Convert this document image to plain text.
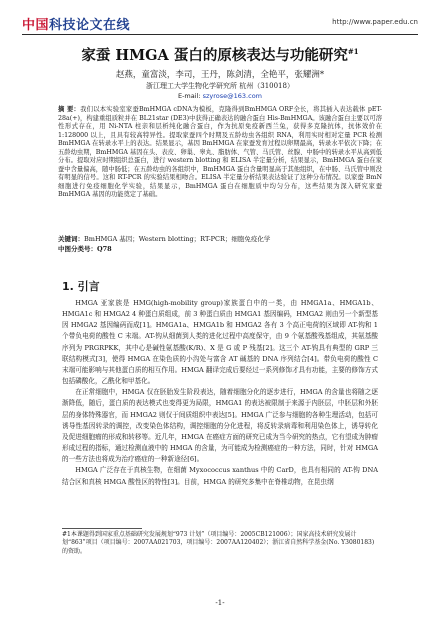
中国科技论文在线	http://www.paper.edu.cn
家蚕 HMGA 蛋白的原核表达与功能研究$^{\#1}$
赵燕，童富淡，李司，王丹，陈剑清，全艳平，张耀洲*
浙江理工大学生物化学研究所 杭州（310018）
E-mail: szyrose@163.com
摘 要：我们以本实验室家蚕BmHMGA cDNA为模板，克隆得到BmHMGA ORF全长，将其插入表达载体 pET-28a(+)，构建重组质粒并在 BL21star (DE3)中获得正确表达的融合蛋白 His-BmHMGA。该融合蛋白主要以可溶性形式存在，用 Ni-NTA 柱亲和层析纯化融合蛋白，作为抗原免疫新西兰兔，获得多克隆抗体，抗体效价在 1:128000 以上，且具有较高特异性。提取家蚕四个时期及五龄幼虫各组织 RNA，利用实时相对定量 PCR 检测 BmHMGA 在转录水平上的表达。结果显示，基因 BmHMGA 在家蚕发育过程以卵期最高，转录水平依次下降；在五龄幼虫期，BmHMGA 基因在头、表皮、卵巢、睾丸、脂肪体、气管、马氏管、丝腺、中肠中的转录水平从高到低分布。提取对应时期组织总蛋白，进行 western blotting 和 ELISA 半定量分析，结果显示，BmHMGA 蛋白在家蚕中含量偏高，随中肠低；在五龄幼虫的各组织中，BmHMGA 蛋白含量明显高于其他组织，在中肠、马氏管中则没有明显的信号。这和 RT-PCR 的实验结果相吻合。ELISA 半定量分析结果表达验证了这种分布情况。以家蚕 BmN 细胞进行免疫细胞化学实验，结果显示，BmHMGA 蛋白在细胞质中均匀分布，这些结果为深入研究家蚕 BmHMGA 基因的功能奠定了基础。
关键词：BmHMGA 基因；Western blotting；RT-PCR；细胞免疫化学
中图分类号：Q78
1. 引言

HMGA 亚家族是 HMG(high-mobility group)家族蛋白中的一类，由 HMGA1a、HMGA1b、HMGA1c 和 HMGA2 4 种蛋白质组成，前 3 种蛋白质由 HMGA1 基因编码，HMGA2 则由另一个新型基因 HMGA2 基因编码而成[1]。HMGA1a、HMGA1b 和 HMGA2 各有 3 个高正电荷的区域即 AT-钩和 1 个带负电荷的酸性 C 末端。AT-钩从细菌到人类的进化过程中高度保守，由 9 个氨基酸残基组成，其氨基酸序列为 PRGRPKK，其中心是碱性氨基酸(K/R)、X 是 G 或 P 残基[2]。这三个 AT-钩具有典型的 GRP 三联结构模式[3]，使得 HMGA 在染色质的小沟处与富含 AT 碱基的 DNA 序列结合[4]。带负电荷的酸性 C 末端可能影响与其他蛋白质的相互作用。HMGA 翻译完成后要经过一系列修饰才具有功能，主要的修饰方式包括磷酸化，乙酰化和甲基化。

在正常细胞中，HMGA 仅在胚胎发生阶段表达，随着细胞分化的逐步进行，HMGA 的含量也将随之逐渐降低，随后，蛋白质的表达模式也变得更为局限，HMGA1 的表达被限制于来源于内胚层，中胚层和外胚层的身体特殊器官，而 HMGA2 则仅于间质组织中表达[5]。HMGA 广泛参与细胞的各种生理活动，包括可诱导性基因转录的调控，改变染色体结构，调控细胞的分化进程，将反转录病毒和利用染色体上，诱导转化及促进细胞瘤的形成和转移等。近几年，HMGA 在癌症方面的研究已成为当今研究的热点，它有望成为肿瘤形成过程的指标，通过检测血液中的 HMGA 的含量，为可能成为检测癌症的一种方法，同时，针对 HMGA 的一些方法也将成为治疗癌症的一种新途径[6]。

HMGA 广泛存在于真核生物，在细菌 Myxococcus xanthus 中的 CarD，也具有相同的 AT-钩 DNA 结合区和真核 HMGA 酸性区的特性[3]。目前，HMGA 的研究多集中在脊椎动物，在昆虫纲

#1本课题得到国家重点基础研究发展规划“973 计划”（项目编号：2005CB121006）；国家高技术研究发展计划“863”项目（项目编号：2007AA021703，项目编号：2007AA120402）；浙江省自然科学基金(No. Y3080183)的资助。
-1-
